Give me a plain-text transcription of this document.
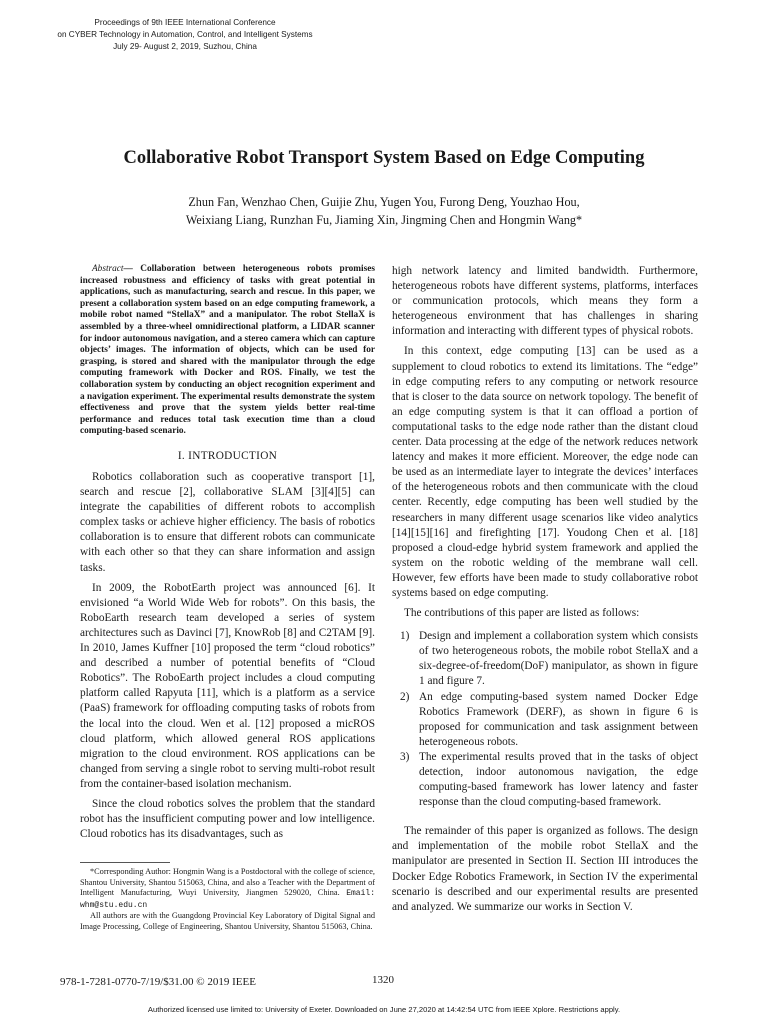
Proceedings of 9th IEEE International Conference
on CYBER Technology in Automation, Control, and Intelligent Systems
July 29- August 2, 2019, Suzhou, China
Collaborative Robot Transport System Based on Edge Computing
Zhun Fan, Wenzhao Chen, Guijie Zhu, Yugen You, Furong Deng, Youzhao Hou,
Weixiang Liang, Runzhan Fu, Jiaming Xin, Jingming Chen and Hongmin Wang*

Abstract— Collaboration between heterogeneous robots promises increased robustness and efficiency of tasks with great potential in applications, such as manufacturing, search and rescue. In this paper, we present a collaboration system based on an edge computing framework, a mobile robot named “StellaX” and a manipulator. The robot StellaX is assembled by a three-wheel omnidirectional platform, a LIDAR scanner for indoor autonomous navigation, and a stereo camera which can capture objects’ images. The information of objects, which can be used for grasping, is stored and shared with the manipulator through the edge computing framework with Docker and ROS. Finally, we test the collaboration system by conducting an object recognition experiment and a navigation experiment. The experimental results demonstrate the system effectiveness and prove that the system yields better real-time performance and reduces total task execution time than a cloud computing-based scenario.

I. INTRODUCTION

Robotics collaboration such as cooperative transport [1], search and rescue [2], collaborative SLAM [3][4][5] can integrate the capabilities of different robots to accomplish complex tasks or achieve higher efficiency. The basis of robotics collaboration is to ensure that different robots can communicate with each other so that they can share information and assign tasks.

In 2009, the RobotEarth project was announced [6]. It envisioned “a World Wide Web for robots”. On this basis, the RoboEarth research team developed a series of system architectures such as Davinci [7], KnowRob [8] and C2TAM [9]. In 2010, James Kuffner [10] proposed the term “cloud robotics” and described a number of potential benefits of “Cloud Robotics”. The RoboEarth project includes a cloud computing platform called Rapyuta [11], which is a platform as a service (PaaS) framework for offloading computing tasks of robots from the local into the cloud. Wen et al. [12] proposed a micROS cloud platform, which allowed general ROS applications migration to the cloud environment. ROS applications can be changed from serving a single robot to serving multi-robot result from the container-based isolation mechanism.

Since the cloud robotics solves the problem that the standard robot has the insufficient computing power and low intelligence. Cloud robotics has its disadvantages, such as

*Corresponding Author: Hongmin Wang is a Postdoctoral with the college of science, Shantou University, Shantou 515063, China, and also a Teacher with the Department of Intelligent Manufacturing, Wuyi University, Jiangmen 529020, China. Email: whm@stu.edu.cn

All authors are with the Guangdong Provincial Key Laboratory of Digital Signal and Image Processing, College of Engineering, Shantou University, Shantou 515063, China.

high network latency and limited bandwidth. Furthermore, heterogeneous robots have different systems, platforms, interfaces or communication protocols, which means they form a heterogeneous environment that has challenges in sharing information and interacting with different types of physical robots.

In this context, edge computing [13] can be used as a supplement to cloud robotics to extend its limitations. The “edge” in edge computing refers to any computing or network resource that is closer to the data source on network topology. The benefit of an edge computing system is that it can offload a portion of computational tasks to the edge node rather than the distant cloud center. Data processing at the edge of the network reduces network latency and makes it more efficient. Moreover, the edge node can be used as an intermediate layer to integrate the devices’ interfaces of the heterogeneous robots and then communicate with the cloud center. Recently, edge computing has been well studied by the researchers in many different usage scenarios like video analytics [14][15][16] and firefighting [17]. Youdong Chen et al. [18] proposed a cloud-edge hybrid system framework and applied the system on the robotic welding of the membrane wall cell. However, few efforts have been made to study collaborative robot systems based on edge computing.

The contributions of this paper are listed as follows:

1) Design and implement a collaboration system which consists of two heterogeneous robots, the mobile robot StellaX and a six-degree-of-freedom(DoF) manipulator, as shown in figure 1 and figure 7.
2) An edge computing-based system named Docker Edge Robotics Framework (DERF), as shown in figure 6 is proposed for communication and task assignment between heterogeneous robots.
3) The experimental results proved that in the tasks of object detection, indoor autonomous navigation, the edge computing-based framework has lower latency and faster response than the cloud computing-based framework.

The remainder of this paper is organized as follows. The design and implementation of the mobile robot StellaX and the manipulator are presented in Section II. Section III introduces the Docker Edge Robotics Framework, in Section IV the experimental scenario is described and our experimental results are presented and analyzed. We summarize our works in Section V.

978-1-7281-0770-7/19/$31.00 © 2019 IEEE	1320
Authorized licensed use limited to: University of Exeter. Downloaded on June 27,2020 at 14:42:54 UTC from IEEE Xplore. Restrictions apply.
